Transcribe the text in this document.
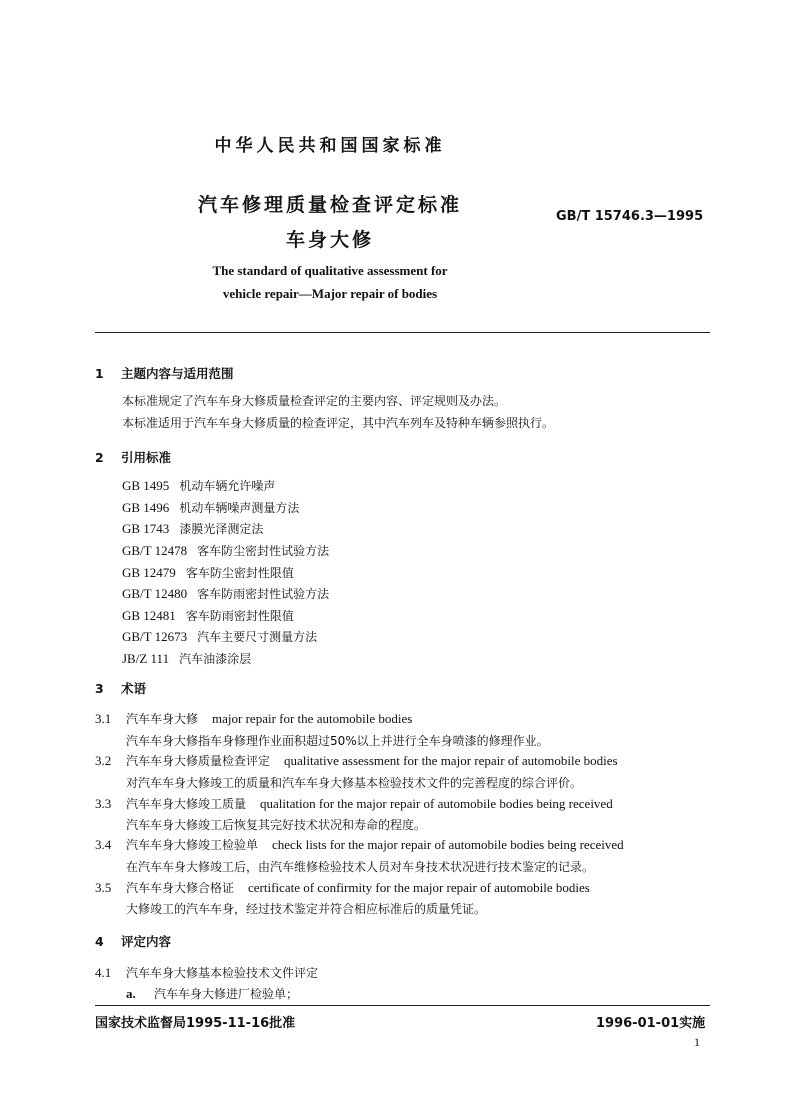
中华人民共和国国家标准
汽车修理质量检查评定标准
车身大修
GB/T 15746.3—1995
The standard of qualitative assessment for
vehicle repair—Major repair of bodies
1 主题内容与适用范围
本标准规定了汽车车身大修质量检查评定的主要内容、评定规则及办法。
本标准适用于汽车车身大修质量的检查评定，其中汽车列车及特种车辆参照执行。
2 引用标准
GB 1495 机动车辆允许噪声
GB 1496 机动车辆噪声测量方法
GB 1743 漆膜光泽测定法
GB/T 12478 客车防尘密封性试验方法
GB 12479 客车防尘密封性限值
GB/T 12480 客车防雨密封性试验方法
GB 12481 客车防雨密封性限值
GB/T 12673 汽车主要尺寸测量方法
JB/Z 111 汽车油漆涂层
3 术语
3.1 汽车车身大修 major repair for the automobile bodies
汽车车身大修指车身修理作业面积超过50%以上并进行全车身喷漆的修理作业。
3.2 汽车车身大修质量检查评定 qualitative assessment for the major repair of automobile bodies
对汽车车身大修竣工的质量和汽车车身大修基本检验技术文件的完善程度的综合评价。
3.3 汽车车身大修竣工质量 qualitation for the major repair of automobile bodies being received
汽车车身大修竣工后恢复其完好技术状况和寿命的程度。
3.4 汽车车身大修竣工检验单 check lists for the major repair of automobile bodies being received
在汽车车身大修竣工后，由汽车维修检验技术人员对车身技术状况进行技术鉴定的记录。
3.5 汽车车身大修合格证 certificate of confirmity for the major repair of automobile bodies
大修竣工的汽车车身，经过技术鉴定并符合相应标准后的质量凭证。
4 评定内容
4.1 汽车车身大修基本检验技术文件评定
a. 汽车车身大修进厂检验单；
国家技术监督局1995-11-16批准	1996-01-01实施
1
